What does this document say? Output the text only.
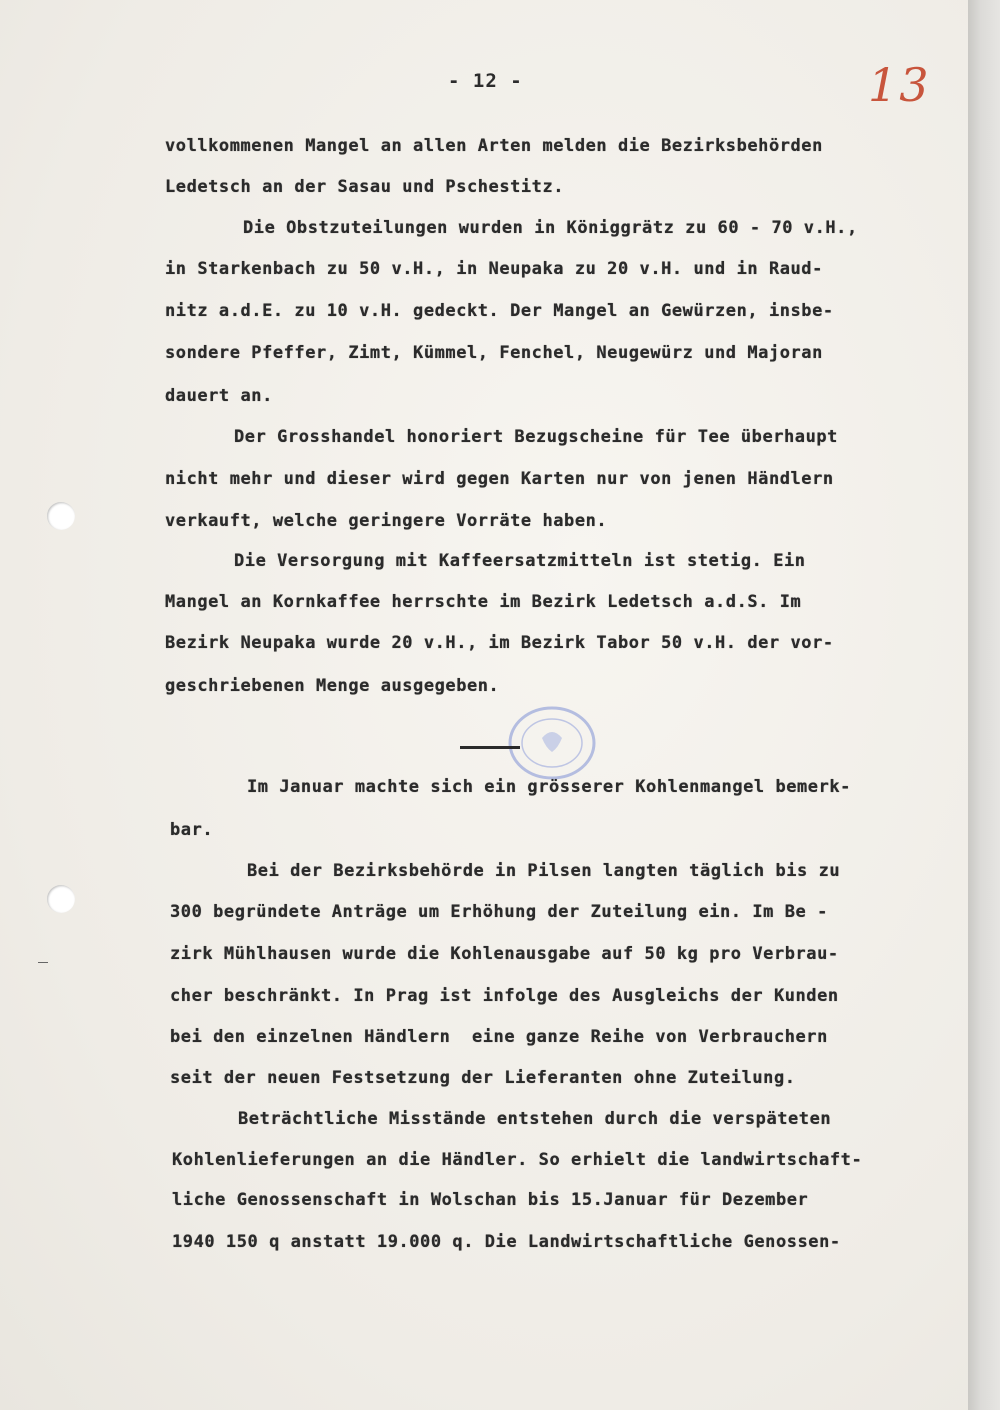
- 12 -	13
vollkommenen Mangel an allen Arten melden die Bezirksbehörden
Ledetsch an der Sasau und Pschestitz.
Die Obstzuteilungen wurden in Königgrätz zu 60 - 70 v.H.,
in Starkenbach zu 50 v.H., in Neupaka zu 20 v.H. und in Raud-
nitz a.d.E. zu 10 v.H. gedeckt. Der Mangel an Gewürzen, insbe-
sondere Pfeffer, Zimt, Kümmel, Fenchel, Neugewürz und Majoran
dauert an.
Der Grosshandel honoriert Bezugscheine für Tee überhaupt
nicht mehr und dieser wird gegen Karten nur von jenen Händlern
verkauft, welche geringere Vorräte haben.
Die Versorgung mit Kaffeersatzmitteln ist stetig. Ein
Mangel an Kornkaffee herrschte im Bezirk Ledetsch a.d.S. Im
Bezirk Neupaka wurde 20 v.H., im Bezirk Tabor 50 v.H. der vor-
geschriebenen Menge ausgegeben.
Im Januar machte sich ein grösserer Kohlenmangel bemerk-
bar.
Bei der Bezirksbehörde in Pilsen langten täglich bis zu
300 begründete Anträge um Erhöhung der Zuteilung ein. Im Be -
zirk Mühlhausen wurde die Kohlenausgabe auf 50 kg pro Verbrau-
cher beschränkt. In Prag ist infolge des Ausgleichs der Kunden
bei den einzelnen Händlern  eine ganze Reihe von Verbrauchern
seit der neuen Festsetzung der Lieferanten ohne Zuteilung.
Beträchtliche Misstände entstehen durch die verspäteten
Kohlenlieferungen an die Händler. So erhielt die landwirtschaft-
liche Genossenschaft in Wolschan bis 15.Januar für Dezember
1940 150 q anstatt 19.000 q. Die Landwirtschaftliche Genossen-
